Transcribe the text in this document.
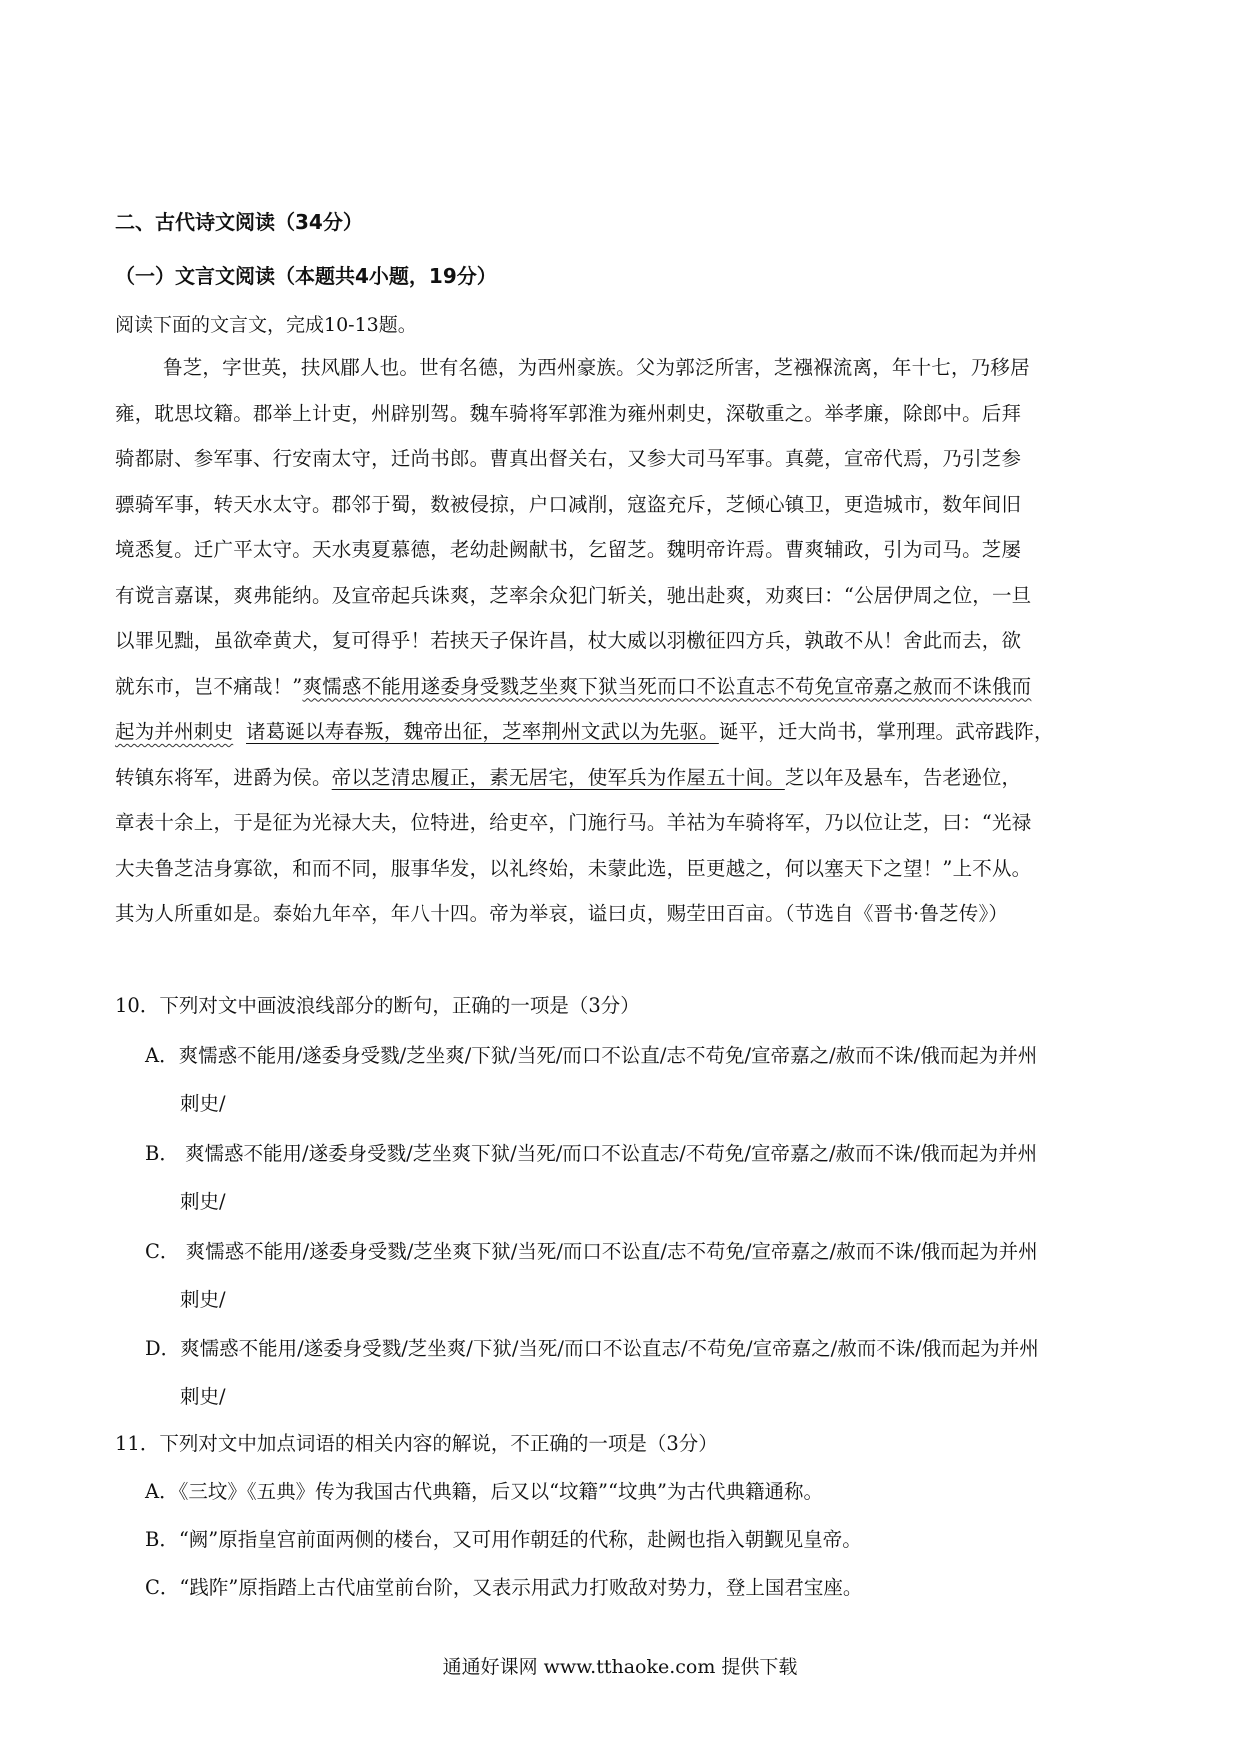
二、古代诗文阅读（34分）
（一）文言文阅读（本题共4小题，19分）
阅读下面的文言文，完成10-13题。
鲁芝，字世英，扶风郿人也。世有名德，为西州豪族。父为郭泛所害，芝襁褓流离，年十七，乃移居
雍，耽思坟籍。郡举上计吏，州辟别驾。魏车骑将军郭淮为雍州刺史，深敬重之。举孝廉，除郎中。后拜
骑都尉、参军事、行安南太守，迁尚书郎。曹真出督关右，又参大司马军事。真薨，宣帝代焉，乃引芝参
骠骑军事，转天水太守。郡邻于蜀，数被侵掠，户口减削，寇盗充斥，芝倾心镇卫，更造城市，数年间旧
境悉复。迁广平太守。天水夷夏慕德，老幼赴阙献书，乞留芝。魏明帝许焉。曹爽辅政，引为司马。芝屡
有谠言嘉谋，爽弗能纳。及宣帝起兵诛爽，芝率余众犯门斩关，驰出赴爽，劝爽曰：“公居伊周之位，一旦
以罪见黜，虽欲牵黄犬，复可得乎！若挟天子保许昌，杖大威以羽檄征四方兵，孰敢不从！舍此而去，欲
就东市，岂不痛哉！”爽懦惑不能用遂委身受戮芝坐爽下狱当死而口不讼直志不苟免宣帝嘉之赦而不诛俄而
起为并州刺史 诸葛诞以寿春叛，魏帝出征，芝率荆州文武以为先驱。诞平，迁大尚书，掌刑理。武帝践阼，
转镇东将军，进爵为侯。帝以芝清忠履正，素无居宅，使军兵为作屋五十间。芝以年及悬车，告老逊位，
章表十余上，于是征为光禄大夫，位特进，给吏卒，门施行马。羊祜为车骑将军，乃以位让芝，曰：“光禄
大夫鲁芝洁身寡欲，和而不同，服事华发，以礼终始，未蒙此选，臣更越之，何以塞天下之望！”上不从。
其为人所重如是。泰始九年卒，年八十四。帝为举哀，谥曰贞，赐茔田百亩。（节选自《晋书·鲁芝传》）
10．下列对文中画波浪线部分的断句，正确的一项是（3分）
A．爽懦惑不能用/遂委身受戮/芝坐爽/下狱/当死/而口不讼直/志不苟免/宣帝嘉之/赦而不诛/俄而起为并州
刺史/
B． 爽懦惑不能用/遂委身受戮/芝坐爽下狱/当死/而口不讼直志/不苟免/宣帝嘉之/赦而不诛/俄而起为并州
刺史/
C． 爽懦惑不能用/遂委身受戮/芝坐爽下狱/当死/而口不讼直/志不苟免/宣帝嘉之/赦而不诛/俄而起为并州
刺史/
D．爽懦惑不能用/遂委身受戮/芝坐爽/下狱/当死/而口不讼直志/不苟免/宣帝嘉之/赦而不诛/俄而起为并州
刺史/
11．下列对文中加点词语的相关内容的解说，不正确的一项是（3分）
A．《三坟》《五典》传为我国古代典籍，后又以“坟籍”“坟典”为古代典籍通称。
B．“阙”原指皇宫前面两侧的楼台，又可用作朝廷的代称，赴阙也指入朝觐见皇帝。
C．“践阼”原指踏上古代庙堂前台阶，又表示用武力打败敌对势力，登上国君宝座。
通通好课网 www.tthaoke.com 提供下载
